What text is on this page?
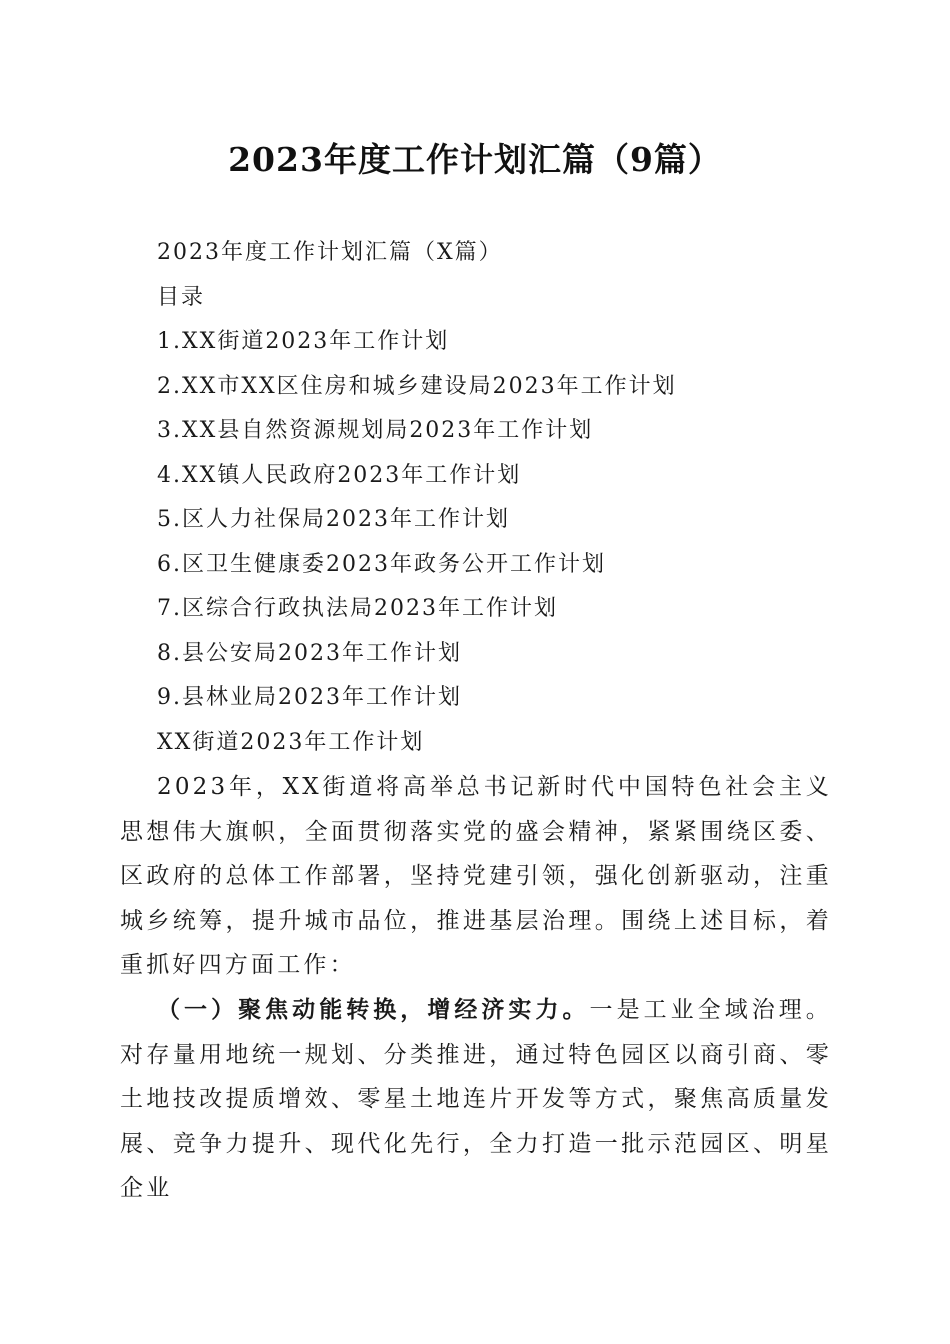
2023年度工作计划汇篇（9篇）
2023年度工作计划汇篇（X篇）
目录
1.XX街道2023年工作计划
2.XX市XX区住房和城乡建设局2023年工作计划
3.XX县自然资源规划局2023年工作计划
4.XX镇人民政府2023年工作计划
5.区人力社保局2023年工作计划
6.区卫生健康委2023年政务公开工作计划
7.区综合行政执法局2023年工作计划
8.县公安局2023年工作计划
9.县林业局2023年工作计划
XX街道2023年工作计划

2023年，XX街道将高举总书记新时代中国特色社会主义思想伟大旗帜，全面贯彻落实党的盛会精神，紧紧围绕区委、区政府的总体工作部署，坚持党建引领，强化创新驱动，注重城乡统筹，提升城市品位，推进基层治理。围绕上述目标，着重抓好四方面工作：

（一）聚焦动能转换，增经济实力。一是工业全域治理。对存量用地统一规划、分类推进，通过特色园区以商引商、零土地技改提质增效、零星土地连片开发等方式，聚焦高质量发展、竞争力提升、现代化先行，全力打造一批示范园区、明星企业
